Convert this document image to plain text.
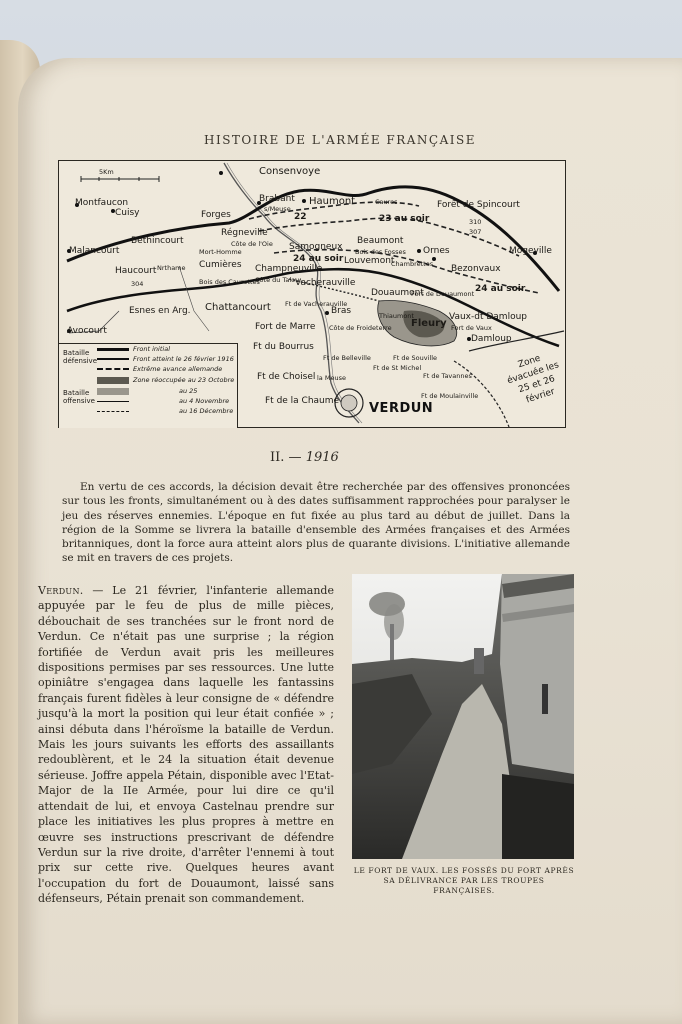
HISTOIRE DE L'ARMÉE FRANÇAISE
Consenvoye
5Km
Montfaucon
Cuisy	Forges
Brabant
s/Meuse
Haumont	Caures
22	23 au soir
Forêt de Spincourt
310
307
Béthincourt
Malancourt
Régneville
Côte de l'Oie
Mort-Homme	Samogneux
Beaumont
Bois des Fosses Ornes	Mogeville
Haucourt Nrthame Cumières
24 au soir Louvemont
Chambrettes Bezonvaux
24 au soir
304	Bois des Caurettes
Champneuville
Côte du Talou
Vacherauville
Douaumont
Fort de Douaumont
Esnes en Arg. Chattancourt Ft de Vacherauville
Bras
Vaux-dt Damloup
Fleury
Thiaumont
Avocourt	Fort de Marre
Ft du Bourrus
Côte de Froideterre
Damloup
Fort de Vaux
Ft de Belleville	Ft de Souville
Ft de St Michel
Ft de Choisel	Ft de Tavannes
Ft de Moulainville
Ft de la Chaume
la Meuse
VERDUN
Zone évacuée les 25 et 26 février
Bataille défensive
Bataille offensive
Front initial
Front atteint le 26 février 1916
Extrême avance allemande
Zone réoccupée au 23 Octobre
au 25
au 4 Novembre
au 16 Décembre
II. — 1916
En vertu de ces accords, la décision devait être recherchée par des offensives prononcées sur tous les fronts, simultanément ou à des dates suffisamment rapprochées pour paralyser le jeu des réserves ennemies. L'époque en fut fixée au plus tard au début de juillet. Dans la région de la Somme se livrera la bataille d'ensemble des Armées françaises et des Armées britanniques, dont la force aura atteint alors plus de quarante divisions. L'initiative allemande se mit en travers de ces projets.
Verdun. — Le 21 février, l'infanterie allemande appuyée par le feu de plus de mille pièces, débouchait de ses tranchées sur le front nord de Verdun. Ce n'était pas une surprise ; la région fortifiée de Verdun avait pris les meilleures dispositions permises par ses ressources. Une lutte opiniâtre s'engagea dans laquelle les fantassins français furent fidèles à leur consigne de « défendre jusqu'à la mort la position qui leur était confiée » ; ainsi débuta dans l'héroïsme la bataille de Verdun. Mais les jours suivants les efforts des assaillants redoublèrent, et le 24 la situation était devenue sérieuse. Joffre appela Pétain, disponible avec l'Etat-Major de la IIe Armée, pour lui dire ce qu'il attendait de lui, et envoya Castelnau prendre sur place les initiatives les plus propres à mettre en œuvre ses instructions prescrivant de défendre Verdun sur la rive droite, d'arrêter l'ennemi à tout prix sur cette rive. Quelques heures avant l'occupation du fort de Douaumont, laissé sans défenseurs, Pétain prenait son commandement.
LE FORT DE VAUX. LES FOSSÉS DU FORT APRÈS SA DÉLIVRANCE PAR LES TROUPES FRANÇAISES.
